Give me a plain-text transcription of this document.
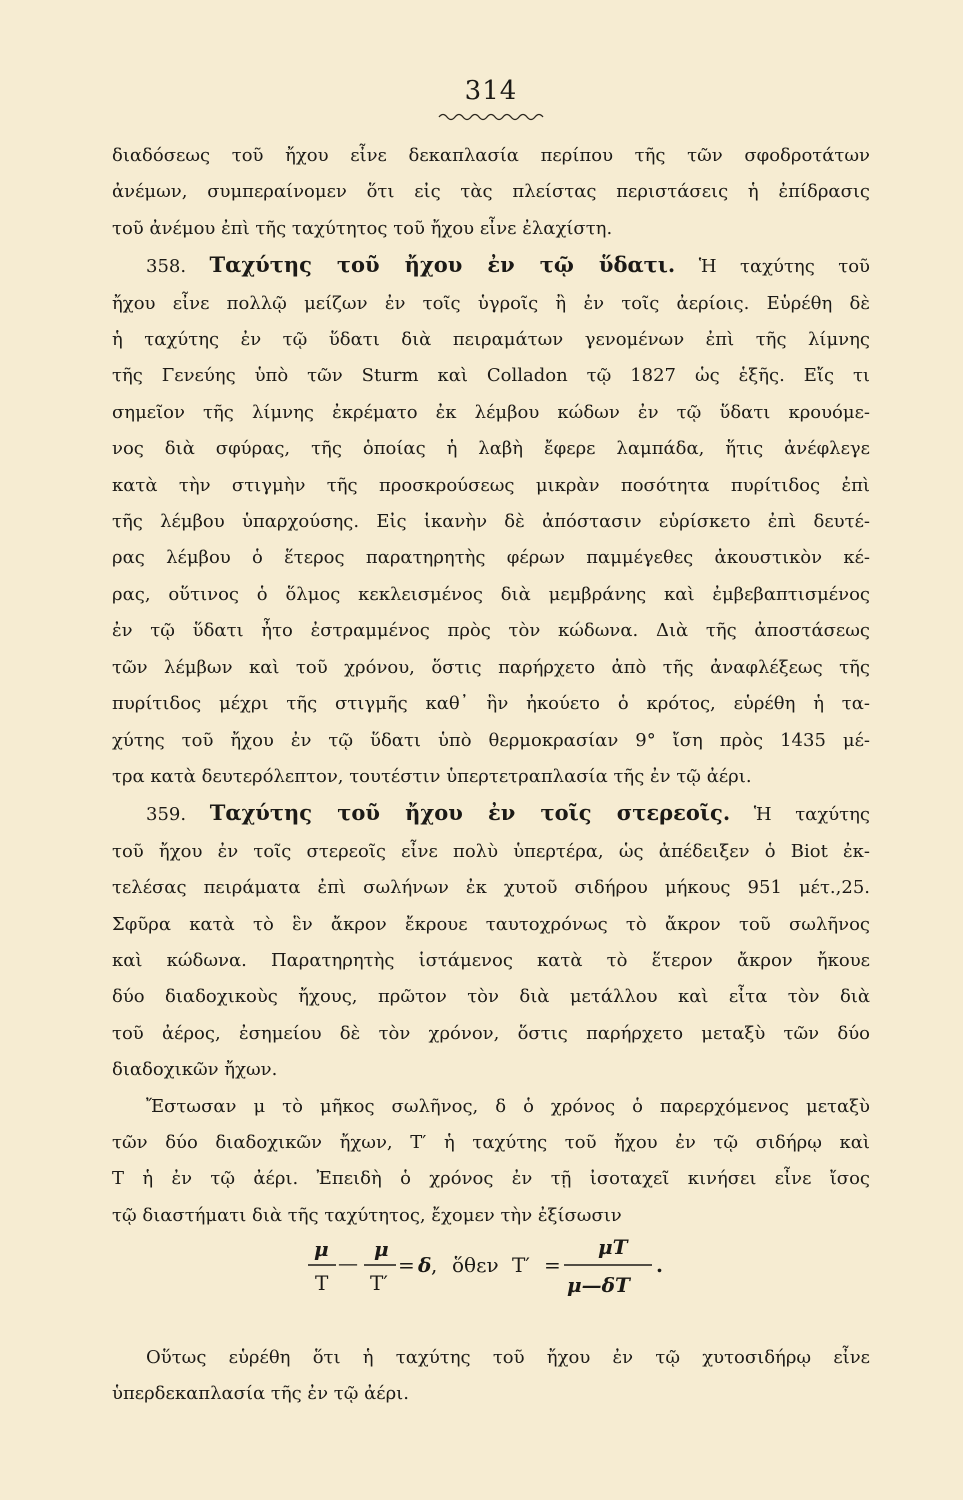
314

διαδόσεως τοῦ ἤχου εἶνε δεκαπλασία περίπου τῆς τῶν σφοδροτάτων

ἀνέμων, συμπεραίνομεν ὅτι εἰς τὰς πλείστας περιστάσεις ἡ ἐπίδρασις

τοῦ ἀνέμου ἐπὶ τῆς ταχύτητος τοῦ ἤχου εἶνε ἐλαχίστη.

358. Ταχύτης τοῦ ἤχου ἐν τῷ ὕδατι. Ἡ ταχύτης τοῦ

ἤχου εἶνε πολλῷ μείζων ἐν τοῖς ὑγροῖς ἢ ἐν τοῖς ἀερίοις. Εὑρέθη δὲ

ἡ ταχύτης ἐν τῷ ὕδατι διὰ πειραμάτων γενομένων ἐπὶ τῆς λίμνης

τῆς Γενεύης ὑπὸ τῶν Sturm καὶ Colladon τῷ 1827 ὡς ἑξῆς. Εἴς τι

σημεῖον τῆς λίμνης ἐκρέματο ἐκ λέμβου κώδων ἐν τῷ ὕδατι κρουόμε-

νος διὰ σφύρας, τῆς ὁποίας ἡ λαβὴ ἔφερε λαμπάδα, ἥτις ἀνέφλεγε

κατὰ τὴν στιγμὴν τῆς προσκρούσεως μικρὰν ποσότητα πυρίτιδος ἐπὶ

τῆς λέμβου ὑπαρχούσης. Εἰς ἱκανὴν δὲ ἀπόστασιν εὑρίσκετο ἐπὶ δευτέ-

ρας λέμβου ὁ ἕτερος παρατηρητὴς φέρων παμμέγεθες ἀκουστικὸν κέ-

ρας, οὕτινος ὁ ὅλμος κεκλεισμένος διὰ μεμβράνης καὶ ἐμβεβαπτισμένος

ἐν τῷ ὕδατι ἦτο ἐστραμμένος πρὸς τὸν κώδωνα. Διὰ τῆς ἀποστάσεως

τῶν λέμβων καὶ τοῦ χρόνου, ὅστις παρήρχετο ἀπὸ τῆς ἀναφλέξεως τῆς

πυρίτιδος μέχρι τῆς στιγμῆς καθ᾽ ἣν ἠκούετο ὁ κρότος, εὑρέθη ἡ τα-

χύτης τοῦ ἤχου ἐν τῷ ὕδατι ὑπὸ θερμοκρασίαν 9° ἴση πρὸς 1435 μέ-

τρα κατὰ δευτερόλεπτον, τουτέστιν ὑπερτετραπλασία τῆς ἐν τῷ ἀέρι.

359. Ταχύτης τοῦ ἤχου ἐν τοῖς στερεοῖς. Ἡ ταχύτης

τοῦ ἤχου ἐν τοῖς στερεοῖς εἶνε πολὺ ὑπερτέρα, ὡς ἀπέδειξεν ὁ Biot ἐκ-

τελέσας πειράματα ἐπὶ σωλήνων ἐκ χυτοῦ σιδήρου μήκους 951 μέτ.,25.

Σφῦρα κατὰ τὸ ἓν ἄκρον ἔκρουε ταυτοχρόνως τὸ ἄκρον τοῦ σωλῆνος

καὶ κώδωνα. Παρατηρητὴς ἱστάμενος κατὰ τὸ ἕτερον ἄκρον ἤκουε

δύο διαδοχικοὺς ἤχους, πρῶτον τὸν διὰ μετάλλου καὶ εἶτα τὸν διὰ

τοῦ ἀέρος, ἐσημείου δὲ τὸν χρόνον, ὅστις παρήρχετο μεταξὺ τῶν δύο

διαδοχικῶν ἤχων.

Ἔστωσαν μ τὸ μῆκος σωλῆνος, δ ὁ χρόνος ὁ παρερχόμενος μεταξὺ

τῶν δύο διαδοχικῶν ἤχων, T′ ἡ ταχύτης τοῦ ἤχου ἐν τῷ σιδήρῳ καὶ

T ἡ ἐν τῷ ἀέρι. Ἐπειδὴ ὁ χρόνος ἐν τῇ ἰσοταχεῖ κινήσει εἶνε ἴσος

τῷ διαστήματι διὰ τῆς ταχύτητος, ἔχομεν τὴν ἐξίσωσιν

μ
T
—
μ
T′
= δ , ὅθεν T′ =
μT
μ—δT
.

Οὕτως εὑρέθη ὅτι ἡ ταχύτης τοῦ ἤχου ἐν τῷ χυτοσιδήρῳ εἶνε

ὑπερδεκαπλασία τῆς ἐν τῷ ἀέρι.
